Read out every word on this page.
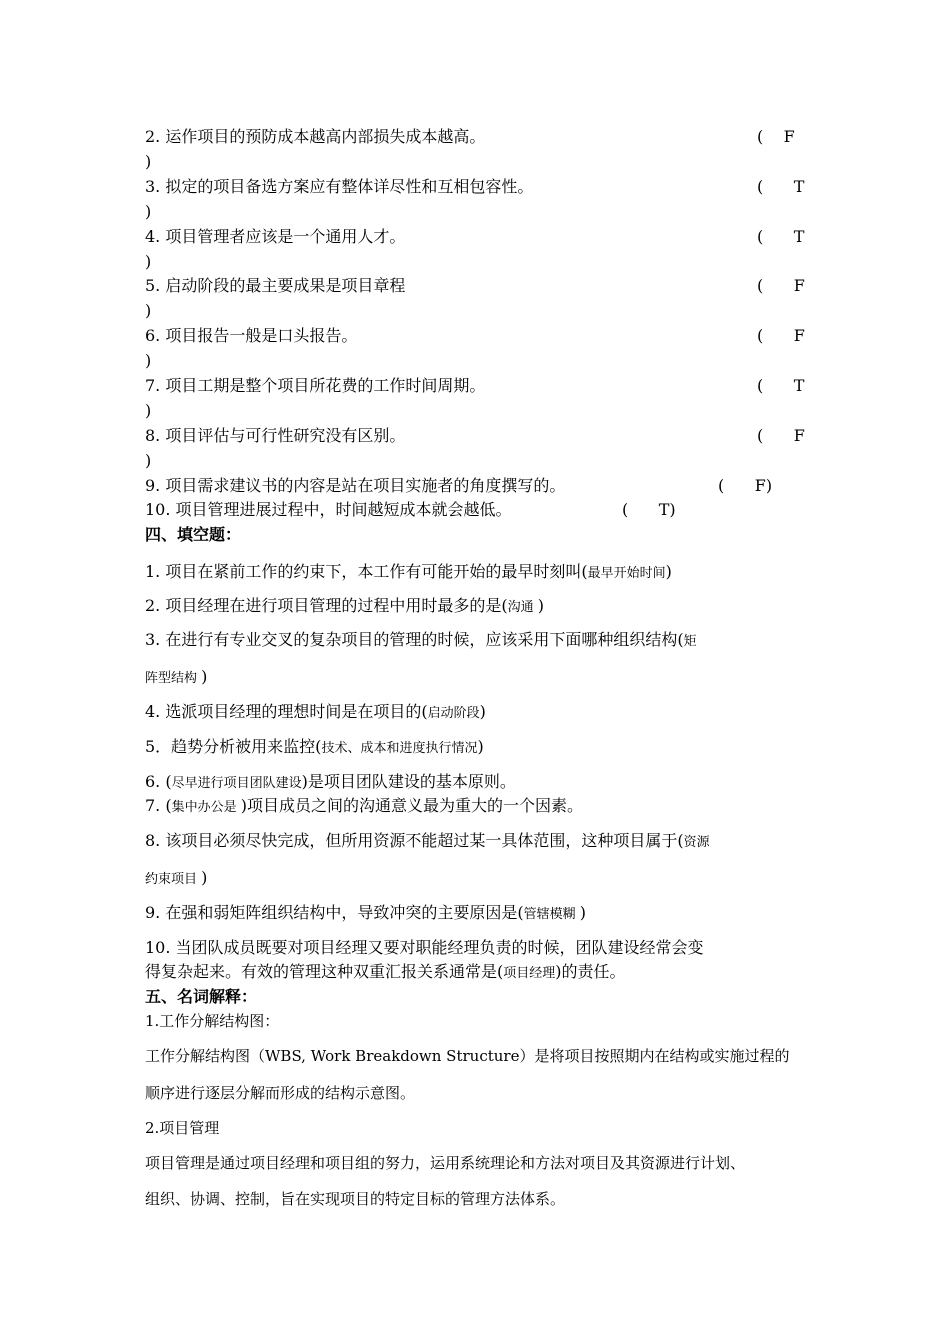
2. 运作项目的预防成本越高内部损失成本越高。	(    F
)
3. 拟定的项目备选方案应有整体详尽性和互相包容性。	(      T
)
4. 项目管理者应该是一个通用人才。	(      T
)
5. 启动阶段的最主要成果是项目章程	(      F
)
6. 项目报告一般是口头报告。	(      F
)
7. 项目工期是整个项目所花费的工作时间周期。	(      T
)
8. 项目评估与可行性研究没有区别。	(      F
)
9. 项目需求建议书的内容是站在项目实施者的角度撰写的。	(      F)
10. 项目管理进展过程中，时间越短成本就会越低。	(      T)
四、填空题：
1. 项目在紧前工作的约束下，本工作有可能开始的最早时刻叫(最早开始时间)
2. 项目经理在进行项目管理的过程中用时最多的是(沟通 )
3. 在进行有专业交叉的复杂项目的管理的时候，应该采用下面哪种组织结构(矩
阵型结构 )
4. 选派项目经理的理想时间是在项目的(启动阶段)
5．趋势分析被用来监控(技术、成本和进度执行情况)
6. (尽早进行项目团队建设)是项目团队建设的基本原则。
7. (集中办公是 )项目成员之间的沟通意义最为重大的一个因素。
8. 该项目必须尽快完成，但所用资源不能超过某一具体范围，这种项目属于(资源
约束项目 )
9. 在强和弱矩阵组织结构中，导致冲突的主要原因是(管辖模糊 )
10. 当团队成员既要对项目经理又要对职能经理负责的时候，团队建设经常会变
得复杂起来。有效的管理这种双重汇报关系通常是(项目经理)的责任。
五、名词解释：
1.工作分解结构图：
工作分解结构图（WBS, Work Breakdown Structure）是将项目按照期内在结构或实施过程的
顺序进行逐层分解而形成的结构示意图。
2.项目管理
项目管理是通过项目经理和项目组的努力，运用系统理论和方法对项目及其资源进行计划、
组织、协调、控制，旨在实现项目的特定目标的管理方法体系。
